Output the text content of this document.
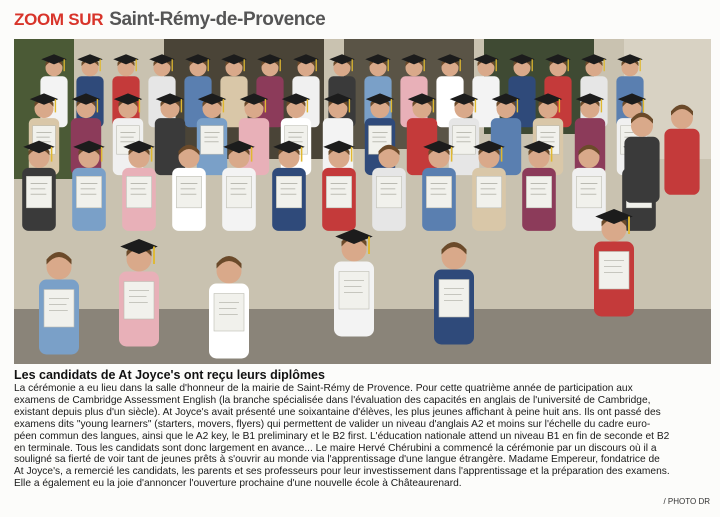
ZOOM SUR Saint-Rémy-de-Provence
Les candidats de At Joyce's ont reçu leurs diplômes
La cérémonie a eu lieu dans la salle d'honneur de la mairie de Saint-Rémy de Provence. Pour cette quatrième année de participation aux
examens de Cambridge Assessment English (la branche spécialisée dans l'évaluation des capacités en anglais de l'université de Cambridge,
existant depuis plus d'un siècle). At Joyce's avait présenté une soixantaine d'élèves, les plus jeunes affichant à peine huit ans. Ils ont passé des
examens dits "young learners" (starters, movers, flyers) qui permettent de valider un niveau d'anglais A2 et moins sur l'échelle du cadre euro-
péen commun des langues, ainsi que le A2 key, le B1 preliminary et le B2 first. L'éducation nationale attend un niveau B1 en fin de seconde et B2
en terminale. Tous les candidats sont donc largement en avance... Le maire Hervé Chérubini a commencé la cérémonie par un discours où il a
souligné sa fierté de voir tant de jeunes prêts à s'ouvrir au monde via l'apprentissage d'une langue étrangère. Madame Empereur, fondatrice de
At Joyce's, a remercié les candidats, les parents et ses professeurs pour leur investissement dans l'apprentissage et la préparation des examens.
Elle a également eu la joie d'annoncer l'ouverture prochaine d'une nouvelle école à Châteaurenard.
/ PHOTO DR
